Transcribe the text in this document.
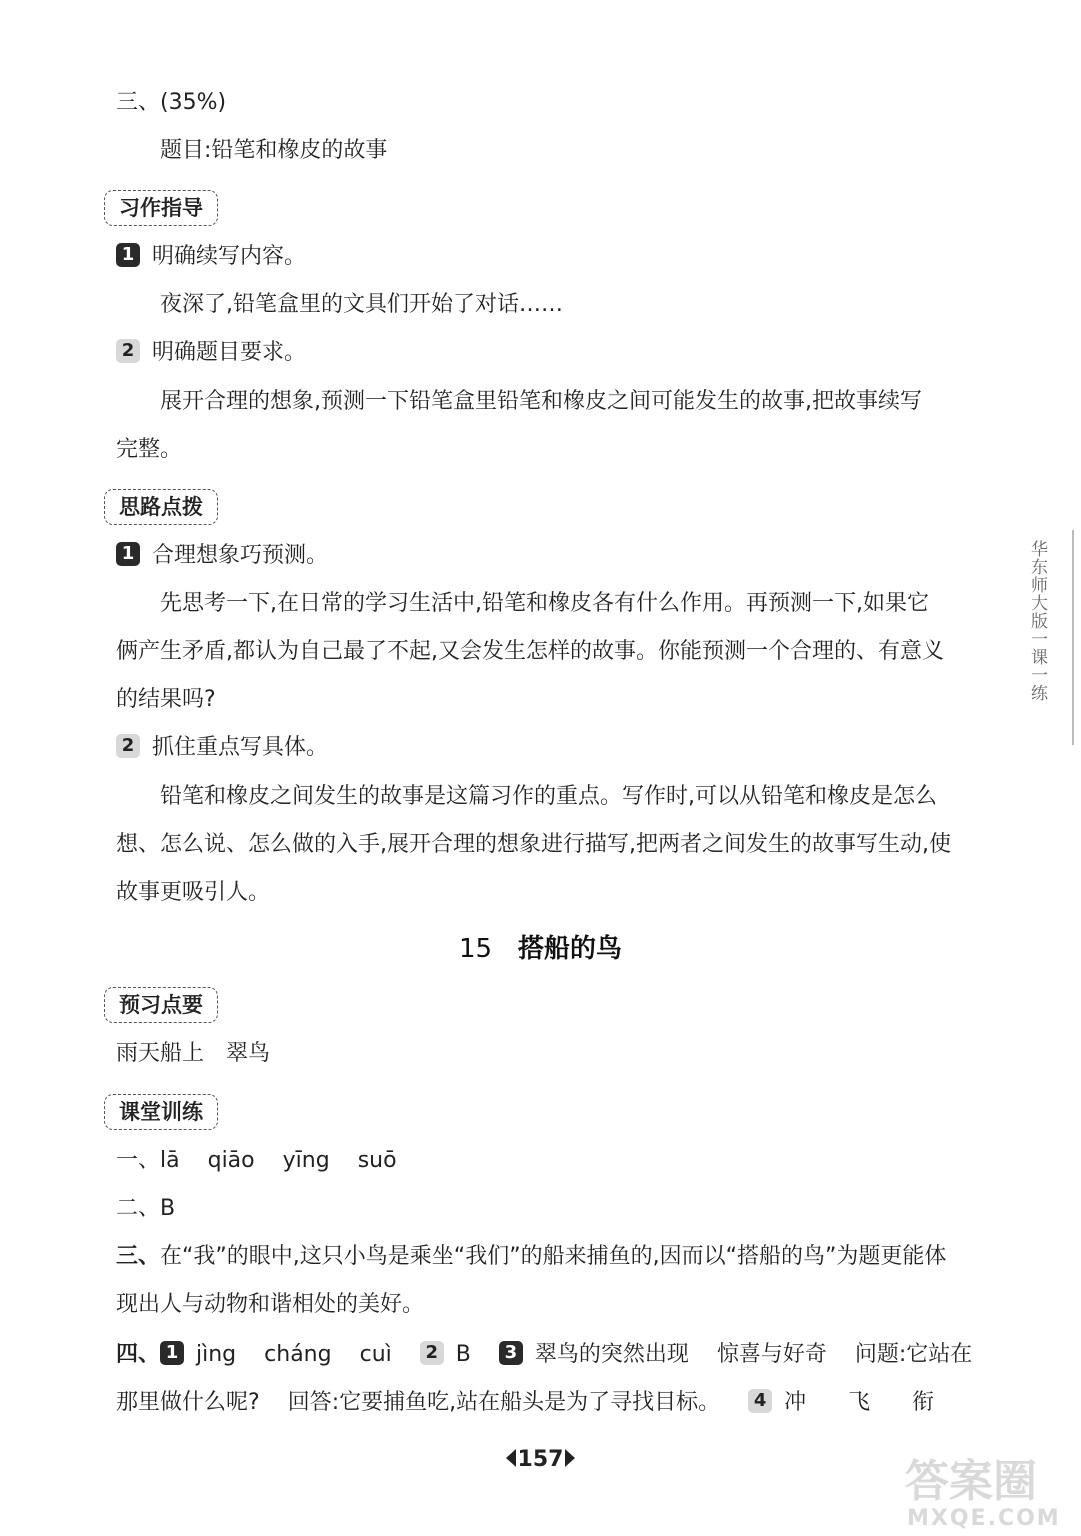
三、(35%)
题目:铅笔和橡皮的故事
习作指导
1 明确续写内容。
夜深了,铅笔盒里的文具们开始了对话……
2 明确题目要求。
展开合理的想象,预测一下铅笔盒里铅笔和橡皮之间可能发生的故事,把故事续写
完整。
思路点拨
1 合理想象巧预测。
先思考一下,在日常的学习生活中,铅笔和橡皮各有什么作用。再预测一下,如果它
俩产生矛盾,都认为自己最了不起,又会发生怎样的故事。你能预测一个合理的、有意义
的结果吗?
2 抓住重点写具体。
铅笔和橡皮之间发生的故事是这篇习作的重点。写作时,可以从铅笔和橡皮是怎么
想、怎么说、怎么做的入手,展开合理的想象进行描写,把两者之间发生的故事写生动,使
故事更吸引人。
15 搭船的鸟
预习点要
雨天船上　翠鸟
课堂训练
一、lā qiāo yīng suō
二、B
三、在“我”的眼中,这只小鸟是乘坐“我们”的船来捕鱼的,因而以“搭船的鸟”为题更能体
现出人与动物和谐相处的美好。
四、 1 jìng cháng cuì 2 B 3 翠鸟的突然出现 惊喜与好奇 问题:它站在
那里做什么呢? 回答:它要捕鱼吃,站在船头是为了寻找目标。 4 冲 飞 衔
157
华东师大版一课一练
答案圈
MXQE.COM
